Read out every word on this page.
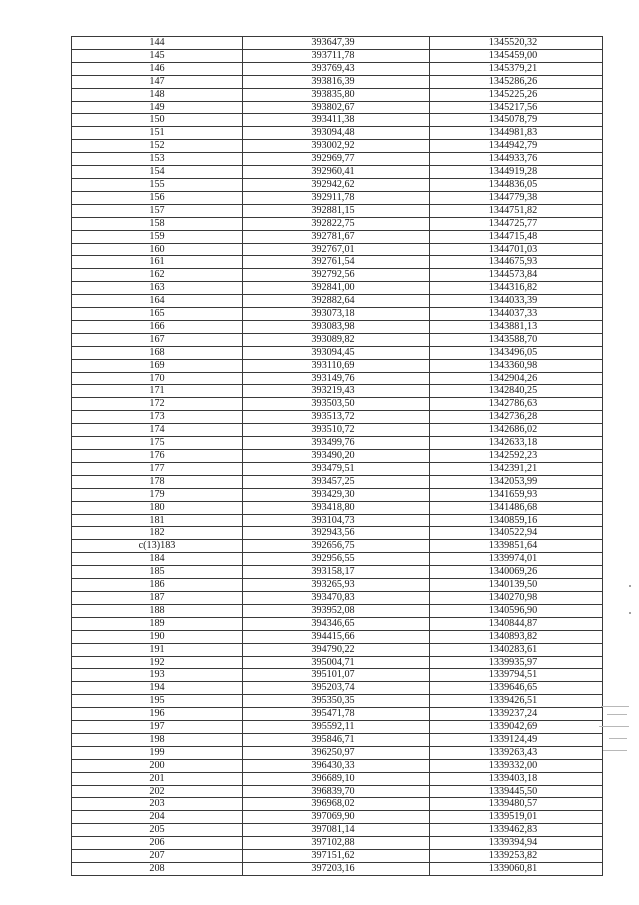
144	393647,39	1345520,32
145	393711,78	1345459,00
146	393769,43	1345379,21
147	393816,39	1345286,26
148	393835,80	1345225,26
149	393802,67	1345217,56
150	393411,38	1345078,79
151	393094,48	1344981,83
152	393002,92	1344942,79
153	392969,77	1344933,76
154	392960,41	1344919,28
155	392942,62	1344836,05
156	392911,78	1344779,38
157	392881,15	1344751,82
158	392822,75	1344725,77
159	392781,67	1344715,48
160	392767,01	1344701,03
161	392761,54	1344675,93
162	392792,56	1344573,84
163	392841,00	1344316,82
164	392882,64	1344033,39
165	393073,18	1344037,33
166	393083,98	1343881,13
167	393089,82	1343588,70
168	393094,45	1343496,05
169	393110,69	1343360,98
170	393149,76	1342904,26
171	393219,43	1342840,25
172	393503,50	1342786,63
173	393513,72	1342736,28
174	393510,72	1342686,02
175	393499,76	1342633,18
176	393490,20	1342592,23
177	393479,51	1342391,21
178	393457,25	1342053,99
179	393429,30	1341659,93
180	393418,80	1341486,68
181	393104,73	1340859,16
182	392943,56	1340522,94
c(13)183	392656,75	1339851,64
184	392956,55	1339974,01
185	393158,17	1340069,26
186	393265,93	1340139,50
187	393470,83	1340270,98
188	393952,08	1340596,90
189	394346,65	1340844,87
190	394415,66	1340893,82
191	394790,22	1340283,61
192	395004,71	1339935,97
193	395101,07	1339794,51
194	395203,74	1339646,65
195	395350,35	1339426,51
196	395471,78	1339237,24
197	395592,11	1339042,69
198	395846,71	1339124,49
199	396250,97	1339263,43
200	396430,33	1339332,00
201	396689,10	1339403,18
202	396839,70	1339445,50
203	396968,02	1339480,57
204	397069,90	1339519,01
205	397081,14	1339462,83
206	397102,88	1339394,94
207	397151,62	1339253,82
208	397203,16	1339060,81
